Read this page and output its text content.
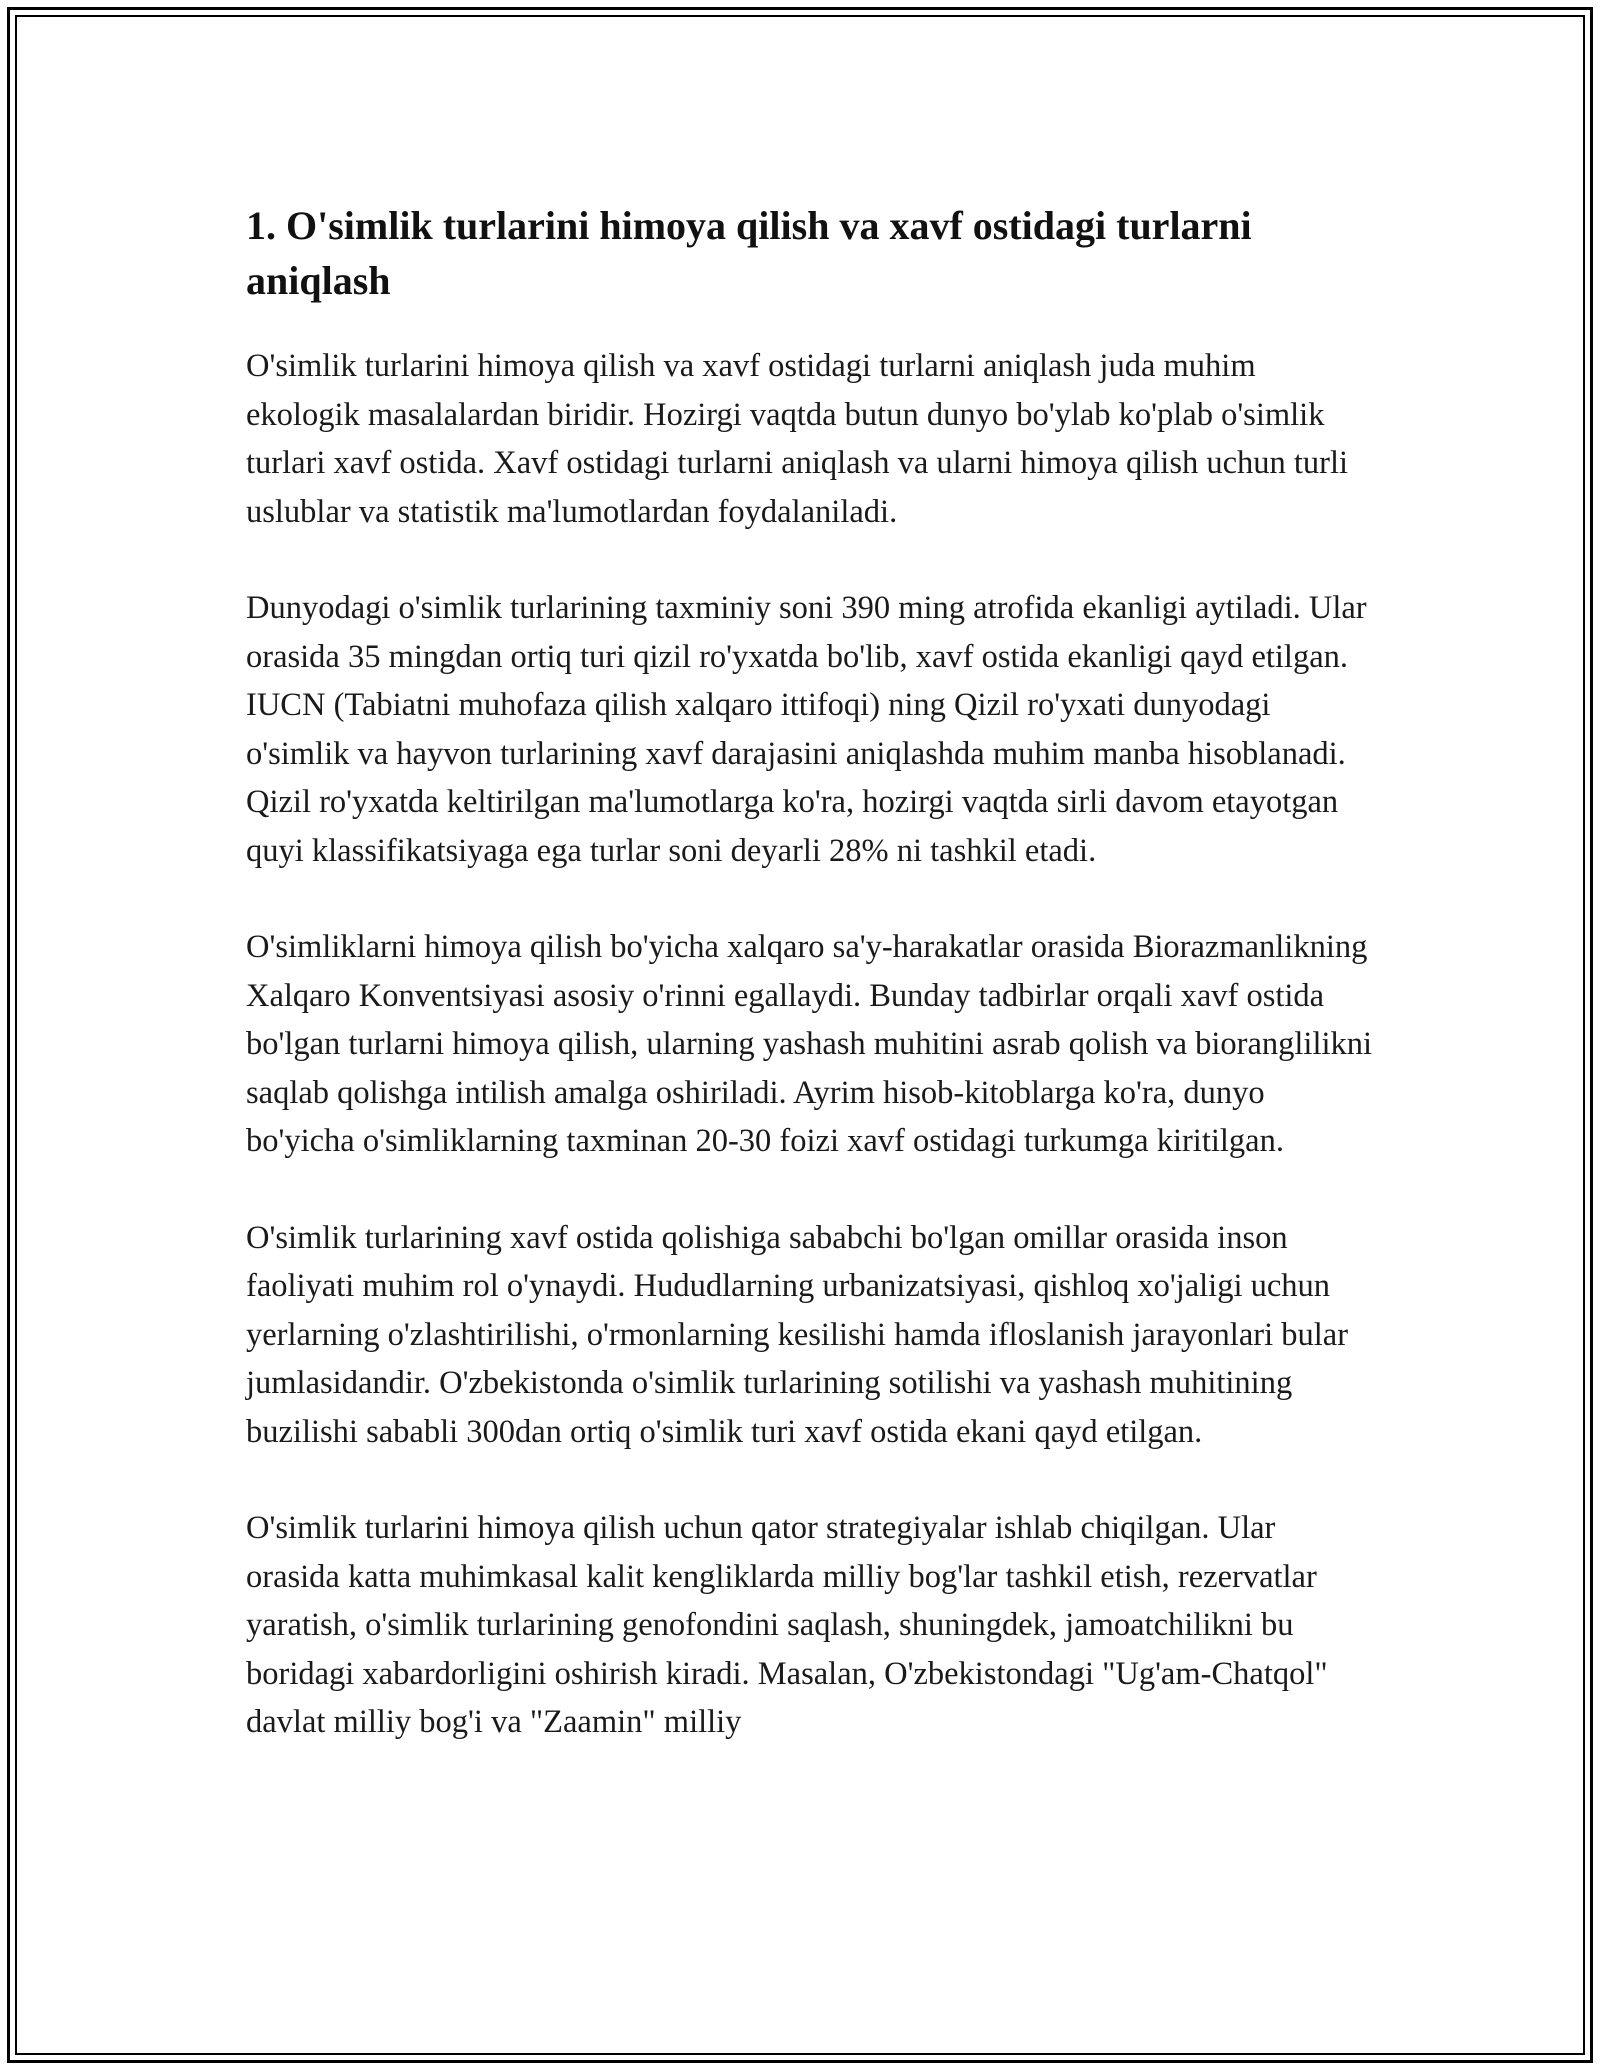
1. O'simlik turlarini himoya qilish va xavf ostidagi turlarni aniqlash

O'simlik turlarini himoya qilish va xavf ostidagi turlarni aniqlash juda muhim ekologik masalalardan biridir. Hozirgi vaqtda butun dunyo bo'ylab ko'plab o'simlik turlari xavf ostida. Xavf ostidagi turlarni aniqlash va ularni himoya qilish uchun turli uslublar va statistik ma'lumotlardan foydalaniladi.

Dunyodagi o'simlik turlarining taxminiy soni 390 ming atrofida ekanligi aytiladi. Ular orasida 35 mingdan ortiq turi qizil ro'yxatda bo'lib, xavf ostida ekanligi qayd etilgan. IUCN (Tabiatni muhofaza qilish xalqaro ittifoqi) ning Qizil ro'yxati dunyodagi o'simlik va hayvon turlarining xavf darajasini aniqlashda muhim manba hisoblanadi. Qizil ro'yxatda keltirilgan ma'lumotlarga ko'ra, hozirgi vaqtda sirli davom etayotgan quyi klassifikatsiyaga ega turlar soni deyarli 28% ni tashkil etadi.

O'simliklarni himoya qilish bo'yicha xalqaro sa'y-harakatlar orasida Biorazmanlikning Xalqaro Konventsiyasi asosiy o'rinni egallaydi. Bunday tadbirlar orqali xavf ostida bo'lgan turlarni himoya qilish, ularning yashash muhitini asrab qolish va bioranglilikni saqlab qolishga intilish amalga oshiriladi. Ayrim hisob-kitoblarga ko'ra, dunyo bo'yicha o'simliklarning taxminan 20-30 foizi xavf ostidagi turkumga kiritilgan.

O'simlik turlarining xavf ostida qolishiga sababchi bo'lgan omillar orasida inson faoliyati muhim rol o'ynaydi. Hududlarning urbanizatsiyasi, qishloq xo'jaligi uchun yerlarning o'zlashtirilishi, o'rmonlarning kesilishi hamda ifloslanish jarayonlari bular jumlasidandir. O'zbekistonda o'simlik turlarining sotilishi va yashash muhitining buzilishi sababli 300dan ortiq o'simlik turi xavf ostida ekani qayd etilgan.

O'simlik turlarini himoya qilish uchun qator strategiyalar ishlab chiqilgan. Ular orasida katta muhimkasal kalit kengliklarda milliy bog'lar tashkil etish, rezervatlar yaratish, o'simlik turlarining genofondini saqlash, shuningdek, jamoatchilikni bu boridagi xabardorligini oshirish kiradi. Masalan, O'zbekistondagi "Ug'am-Chatqol" davlat milliy bog'i va "Zaamin" milliy
